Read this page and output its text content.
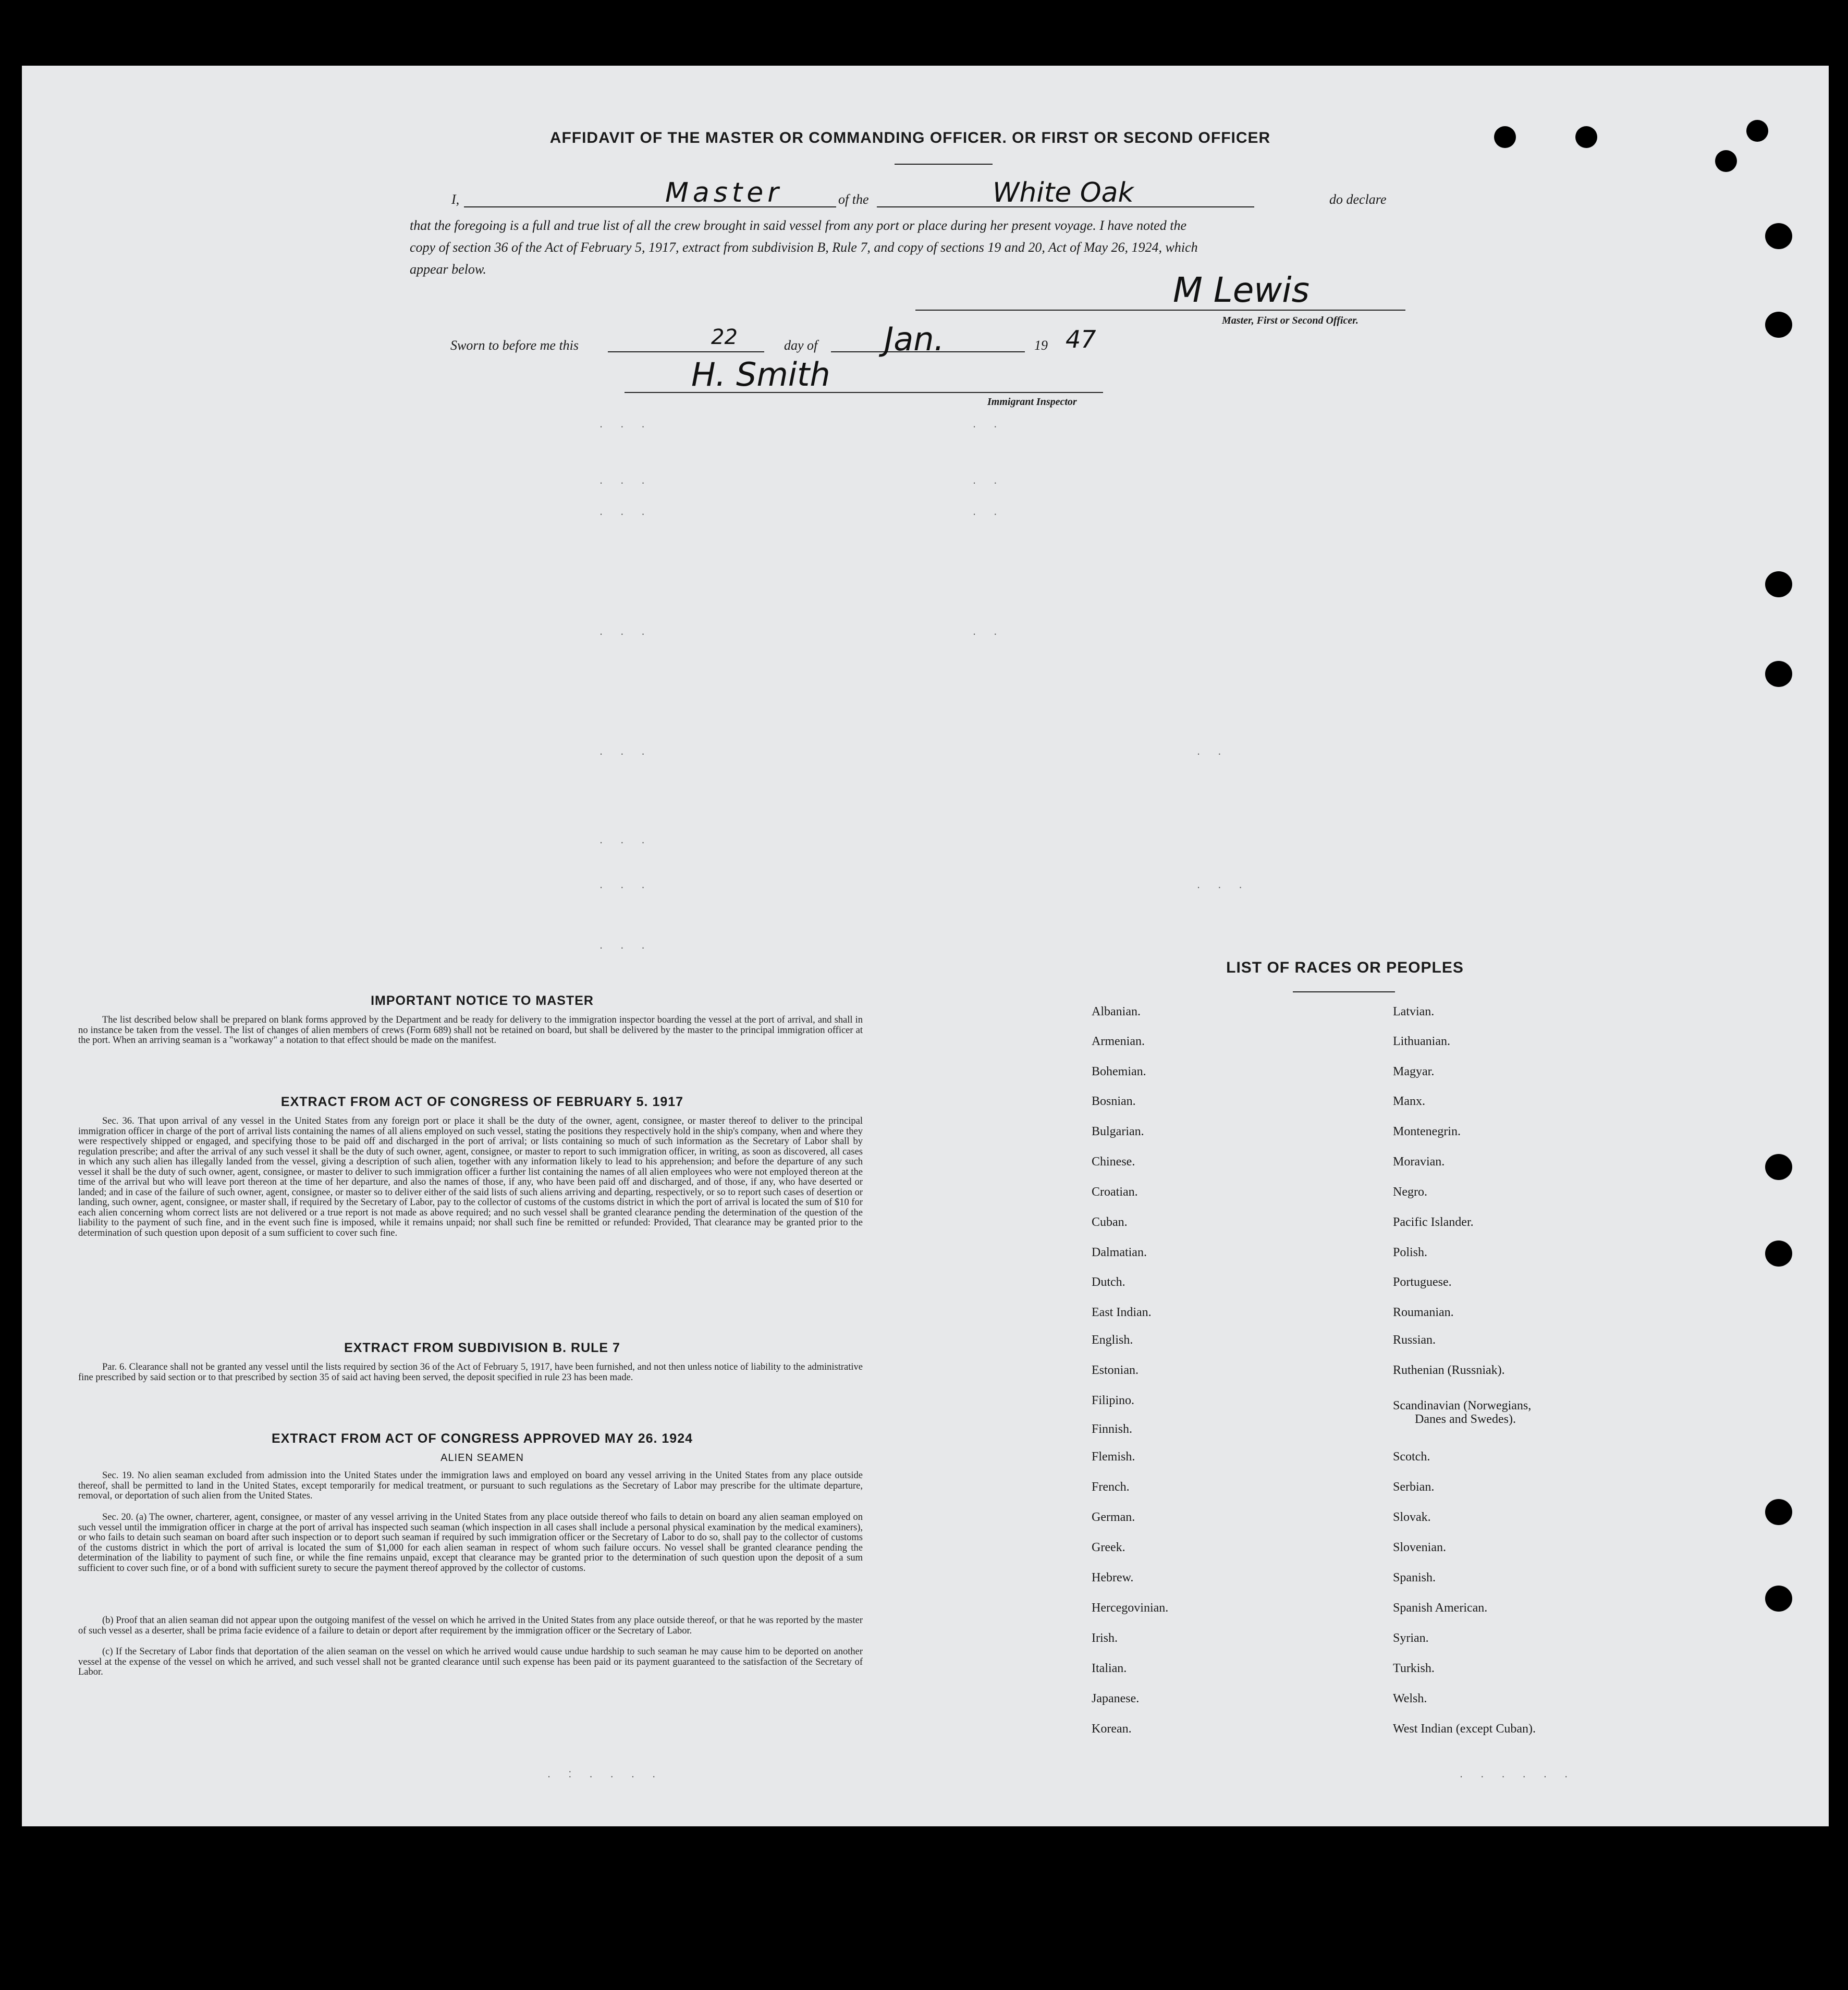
AFFIDAVIT OF THE MASTER OR COMMANDING OFFICER. OR FIRST OR SECOND OFFICER
I,	Master	of the	White Oak	do declare
that the foregoing is a full and true list of all the crew brought in said vessel from any port or place during her present voyage. I have noted the
copy of section 36 of the Act of February 5, 1917, extract from subdivision B, Rule 7, and copy of sections 19 and 20, Act of May 26, 1924, which
appear below.
M Lewis
Master, First or Second Officer.
Sworn to before me this	22	day of Jan.	19 47
H. Smith
Immigrant Inspector
. . .	. .
. . .	. .
. . .	. .
. . .	. .
. . .	. .
. . .
. . .	. . .
. . .
. : . . . .	. . . . . .
IMPORTANT NOTICE TO MASTER
The list described below shall be prepared on blank forms approved by the Department and be ready for delivery to the immigration inspector boarding the vessel at the port of arrival, and shall in no instance be taken from the vessel. The list of changes of alien members of crews (Form 689) shall not be retained on board, but shall be delivered by the master to the principal immigration officer at the port. When an arriving seaman is a "workaway" a notation to that effect should be made on the manifest.
EXTRACT FROM ACT OF CONGRESS OF FEBRUARY 5. 1917
Sec. 36. That upon arrival of any vessel in the United States from any foreign port or place it shall be the duty of the owner, agent, consignee, or master thereof to deliver to the principal immigration officer in charge of the port of arrival lists containing the names of all aliens employed on such vessel, stating the positions they respectively hold in the ship's company, when and where they were respectively shipped or engaged, and specifying those to be paid off and discharged in the port of arrival; or lists containing so much of such information as the Secretary of Labor shall by regulation prescribe; and after the arrival of any such vessel it shall be the duty of such owner, agent, consignee, or master to report to such immigration officer, in writing, as soon as discovered, all cases in which any such alien has illegally landed from the vessel, giving a description of such alien, together with any information likely to lead to his apprehension; and before the departure of any such vessel it shall be the duty of such owner, agent, consignee, or master to deliver to such immigration officer a further list containing the names of all alien employees who were not employed thereon at the time of the arrival but who will leave port thereon at the time of her departure, and also the names of those, if any, who have been paid off and discharged, and of those, if any, who have deserted or landed; and in case of the failure of such owner, agent, consignee, or master so to deliver either of the said lists of such aliens arriving and departing, respectively, or so to report such cases of desertion or landing, such owner, agent, consignee, or master shall, if required by the Secretary of Labor, pay to the collector of customs of the customs district in which the port of arrival is located the sum of $10 for each alien concerning whom correct lists are not delivered or a true report is not made as above required; and no such vessel shall be granted clearance pending the determination of the question of the liability to the payment of such fine, and in the event such fine is imposed, while it remains unpaid; nor shall such fine be remitted or refunded: Provided, That clearance may be granted prior to the determination of such question upon deposit of a sum sufficient to cover such fine.
EXTRACT FROM SUBDIVISION B. RULE 7
Par. 6. Clearance shall not be granted any vessel until the lists required by section 36 of the Act of February 5, 1917, have been furnished, and not then unless notice of liability to the administrative fine prescribed by said section or to that prescribed by section 35 of said act having been served, the deposit specified in rule 23 has been made.
EXTRACT FROM ACT OF CONGRESS APPROVED MAY 26. 1924
ALIEN SEAMEN
Sec. 19. No alien seaman excluded from admission into the United States under the immigration laws and employed on board any vessel arriving in the United States from any place outside thereof, shall be permitted to land in the United States, except temporarily for medical treatment, or pursuant to such regulations as the Secretary of Labor may prescribe for the ultimate departure, removal, or deportation of such alien from the United States.
Sec. 20. (a) The owner, charterer, agent, consignee, or master of any vessel arriving in the United States from any place outside thereof who fails to detain on board any alien seaman employed on such vessel until the immigration officer in charge at the port of arrival has inspected such seaman (which inspection in all cases shall include a personal physical examination by the medical examiners), or who fails to detain such seaman on board after such inspection or to deport such seaman if required by such immigration officer or the Secretary of Labor to do so, shall pay to the collector of customs of the customs district in which the port of arrival is located the sum of $1,000 for each alien seaman in respect of whom such failure occurs. No vessel shall be granted clearance pending the determination of the liability to payment of such fine, or while the fine remains unpaid, except that clearance may be granted prior to the determination of such question upon the deposit of a sum sufficient to cover such fine, or of a bond with sufficient surety to secure the payment thereof approved by the collector of customs.
(b) Proof that an alien seaman did not appear upon the outgoing manifest of the vessel on which he arrived in the United States from any place outside thereof, or that he was reported by the master of such vessel as a deserter, shall be prima facie evidence of a failure to detain or deport after requirement by the immigration officer or the Secretary of Labor.
(c) If the Secretary of Labor finds that deportation of the alien seaman on the vessel on which he arrived would cause undue hardship to such seaman he may cause him to be deported on another vessel at the expense of the vessel on which he arrived, and such vessel shall not be granted clearance until such expense has been paid or its payment guaranteed to the satisfaction of the Secretary of Labor.
LIST OF RACES OR PEOPLES
Albanian.
Armenian.
Bohemian.
Bosnian.
Bulgarian.
Chinese.
Croatian.
Cuban.
Dalmatian.
Dutch.
East Indian.
English.
Estonian.
Filipino.
Finnish.
Flemish.
French.
German.
Greek.
Hebrew.
Hercegovinian.
Irish.
Italian.
Japanese.
Korean.
Latvian.
Lithuanian.
Magyar.
Manx.
Montenegrin.
Moravian.
Negro.
Pacific Islander.
Polish.
Portuguese.
Roumanian.
Russian.
Ruthenian (Russniak).
Scandinavian (Norwegians,
Danes and Swedes).
Scotch.
Serbian.
Slovak.
Slovenian.
Spanish.
Spanish American.
Syrian.
Turkish.
Welsh.
West Indian (except Cuban).
